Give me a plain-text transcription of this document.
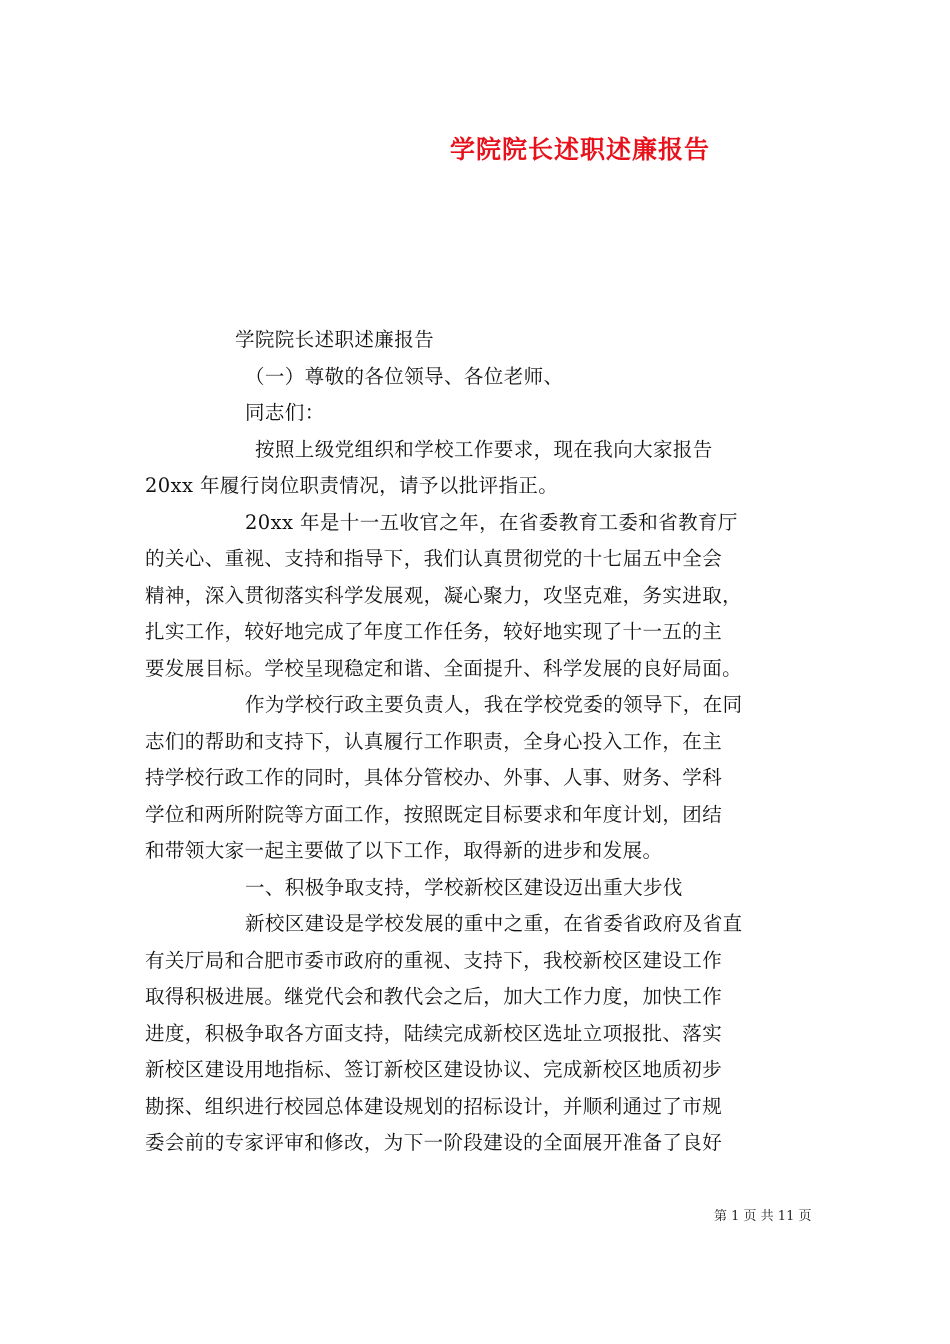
学院院长述职述廉报告
学院院长述职述廉报告
（一）尊敬的各位领导、各位老师、
同志们：
按照上级党组织和学校工作要求，现在我向大家报告
20xx 年履行岗位职责情况，请予以批评指正。
20xx 年是十一五收官之年，在省委教育工委和省教育厅
的关心、重视、支持和指导下，我们认真贯彻党的十七届五中全会
精神，深入贯彻落实科学发展观，凝心聚力，攻坚克难，务实进取，
扎实工作，较好地完成了年度工作任务，较好地实现了十一五的主
要发展目标。学校呈现稳定和谐、全面提升、科学发展的良好局面。
作为学校行政主要负责人，我在学校党委的领导下，在同
志们的帮助和支持下，认真履行工作职责，全身心投入工作，在主
持学校行政工作的同时，具体分管校办、外事、人事、财务、学科
学位和两所附院等方面工作，按照既定目标要求和年度计划，团结
和带领大家一起主要做了以下工作，取得新的进步和发展。
一、积极争取支持，学校新校区建设迈出重大步伐
新校区建设是学校发展的重中之重，在省委省政府及省直
有关厅局和合肥市委市政府的重视、支持下，我校新校区建设工作
取得积极进展。继党代会和教代会之后，加大工作力度，加快工作
进度，积极争取各方面支持，陆续完成新校区选址立项报批、落实
新校区建设用地指标、签订新校区建设协议、完成新校区地质初步
勘探、组织进行校园总体建设规划的招标设计，并顺利通过了市规
委会前的专家评审和修改，为下一阶段建设的全面展开准备了良好
第 1 页 共 11 页
